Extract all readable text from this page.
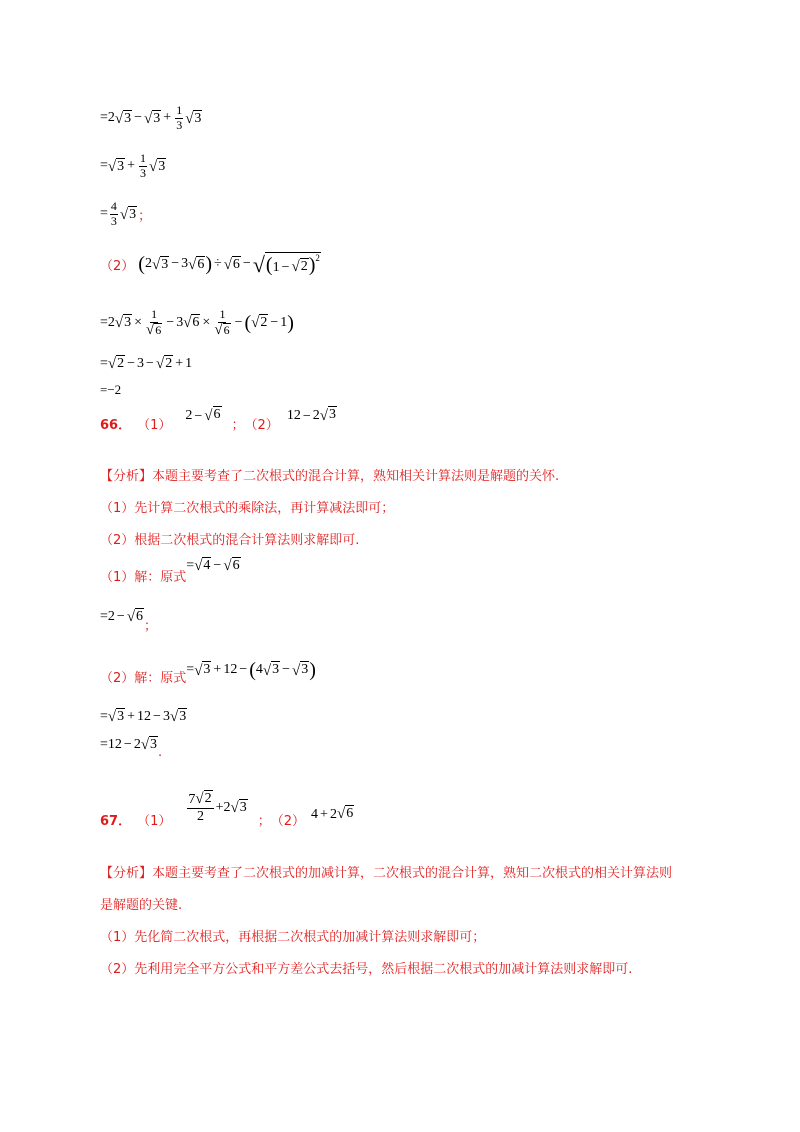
= 2 √ 3 − √ $3 + \frac{1}{3}$ √ 3
= √ $3 + \frac{1}{3}$ √ 3
= $\frac{4}{3}$ √ 3 ；
（2） ( 2 √ 3 − 3 √ 6 ) ÷ √ 6 − √ (1 − √ 2 )$^2$
= 2 √ $3 \times \frac{1}{√ 6} - 3$ √ $6 \times \frac{1}{√ 6}$ − ( √ 2 − 1 )
= √ 2 − 3 − √ 2 + 1
=−2
66． （1）
2 − √ 6
； （2）
12 − 2 √ 3
【分析】本题主要考查了二次根式的混合计算，熟知相关计算法则是解题的关怀.
（1）先计算二次根式的乘除法，再计算减法即可；
（2）根据二次根式的混合计算法则求解即可.
（1）解：原式
= √ 4 − √ 6
= 2 − √ 6
；
（2）解：原式
= √ 3 + 12 − ( 4 √ 3 − √ 3 )
= √ 3 + 12 − 3 √ 3
= 12 − 2 √ 3
.
67． $(1) \frac{7 √ 2}{2} + 2$ √ 3
； （2） 4 + 2 √ 6
【分析】本题主要考查了二次根式的加减计算，二次根式的混合计算，熟知二次根式的相关计算法则
是解题的关键.
（1）先化简二次根式，再根据二次根式的加减计算法则求解即可；
（2）先利用完全平方公式和平方差公式去括号，然后根据二次根式的加减计算法则求解即可.
